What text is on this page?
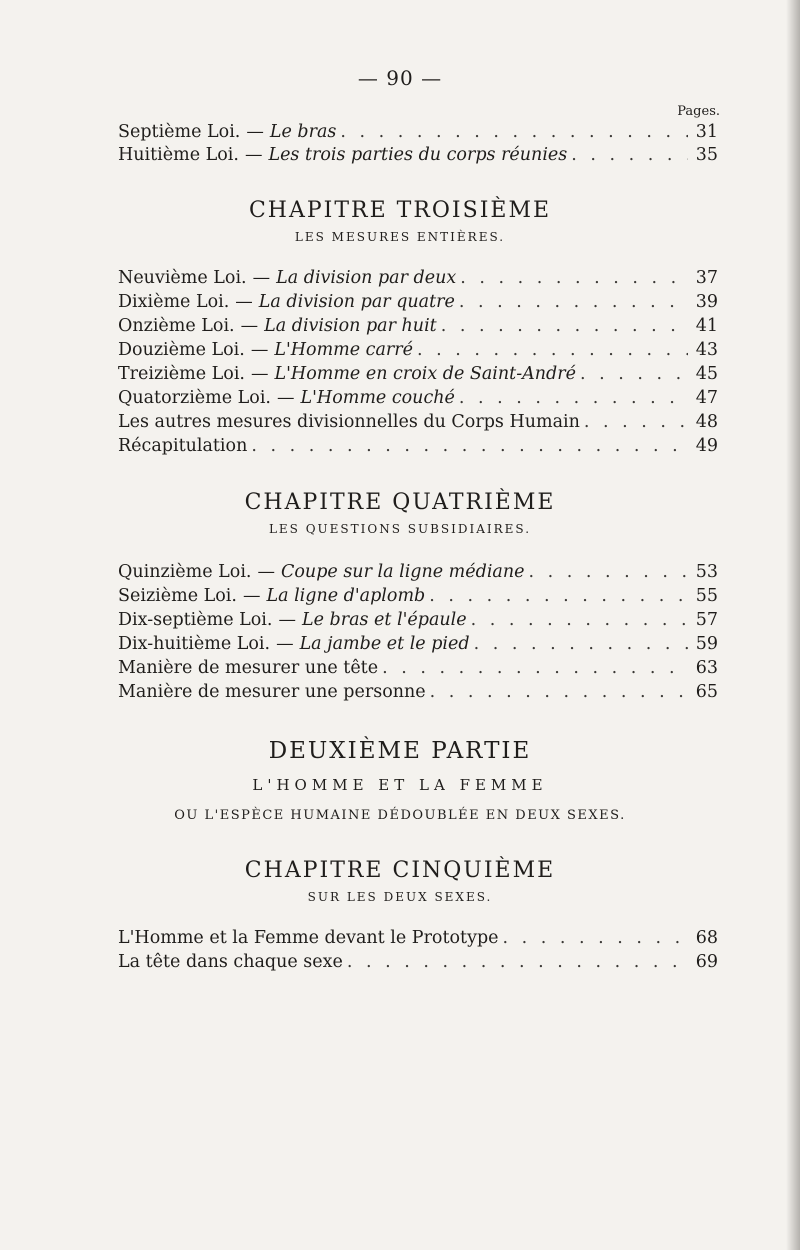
— 90 —
Pages.
Septième Loi. — Le bras . . .	31
Huitième Loi. — Les trois parties du corps réunies . . .	35
CHAPITRE TROISIÈME
LES MESURES ENTIÈRES.
Neuvième Loi. — La division par deux . . .	37
Dixième Loi. — La division par quatre . . .	39
Onzième Loi. — La division par huit . . .	41
Douzième Loi. — L'Homme carré . . .	43
Treizième Loi. — L'Homme en croix de Saint-André . . .	45
Quatorzième Loi. — L'Homme couché . . .	47
Les autres mesures divisionnelles du Corps Humain . . .	48
Récapitulation . . .	49
CHAPITRE QUATRIÈME
LES QUESTIONS SUBSIDIAIRES.
Quinzième Loi. — Coupe sur la ligne médiane . . .	53
Seizième Loi. — La ligne d'aplomb . . .	55
Dix-septième Loi. — Le bras et l'épaule . . .	57
Dix-huitième Loi. — La jambe et le pied . . .	59
Manière de mesurer une tête . . .	63
Manière de mesurer une personne . . .	65
DEUXIÈME PARTIE
L'HOMME ET LA FEMME
OU L'ESPÈCE HUMAINE DÉDOUBLÉE EN DEUX SEXES.
CHAPITRE CINQUIÈME
SUR LES DEUX SEXES.
L'Homme et la Femme devant le Prototype . . .	68
La tête dans chaque sexe . . .	69
